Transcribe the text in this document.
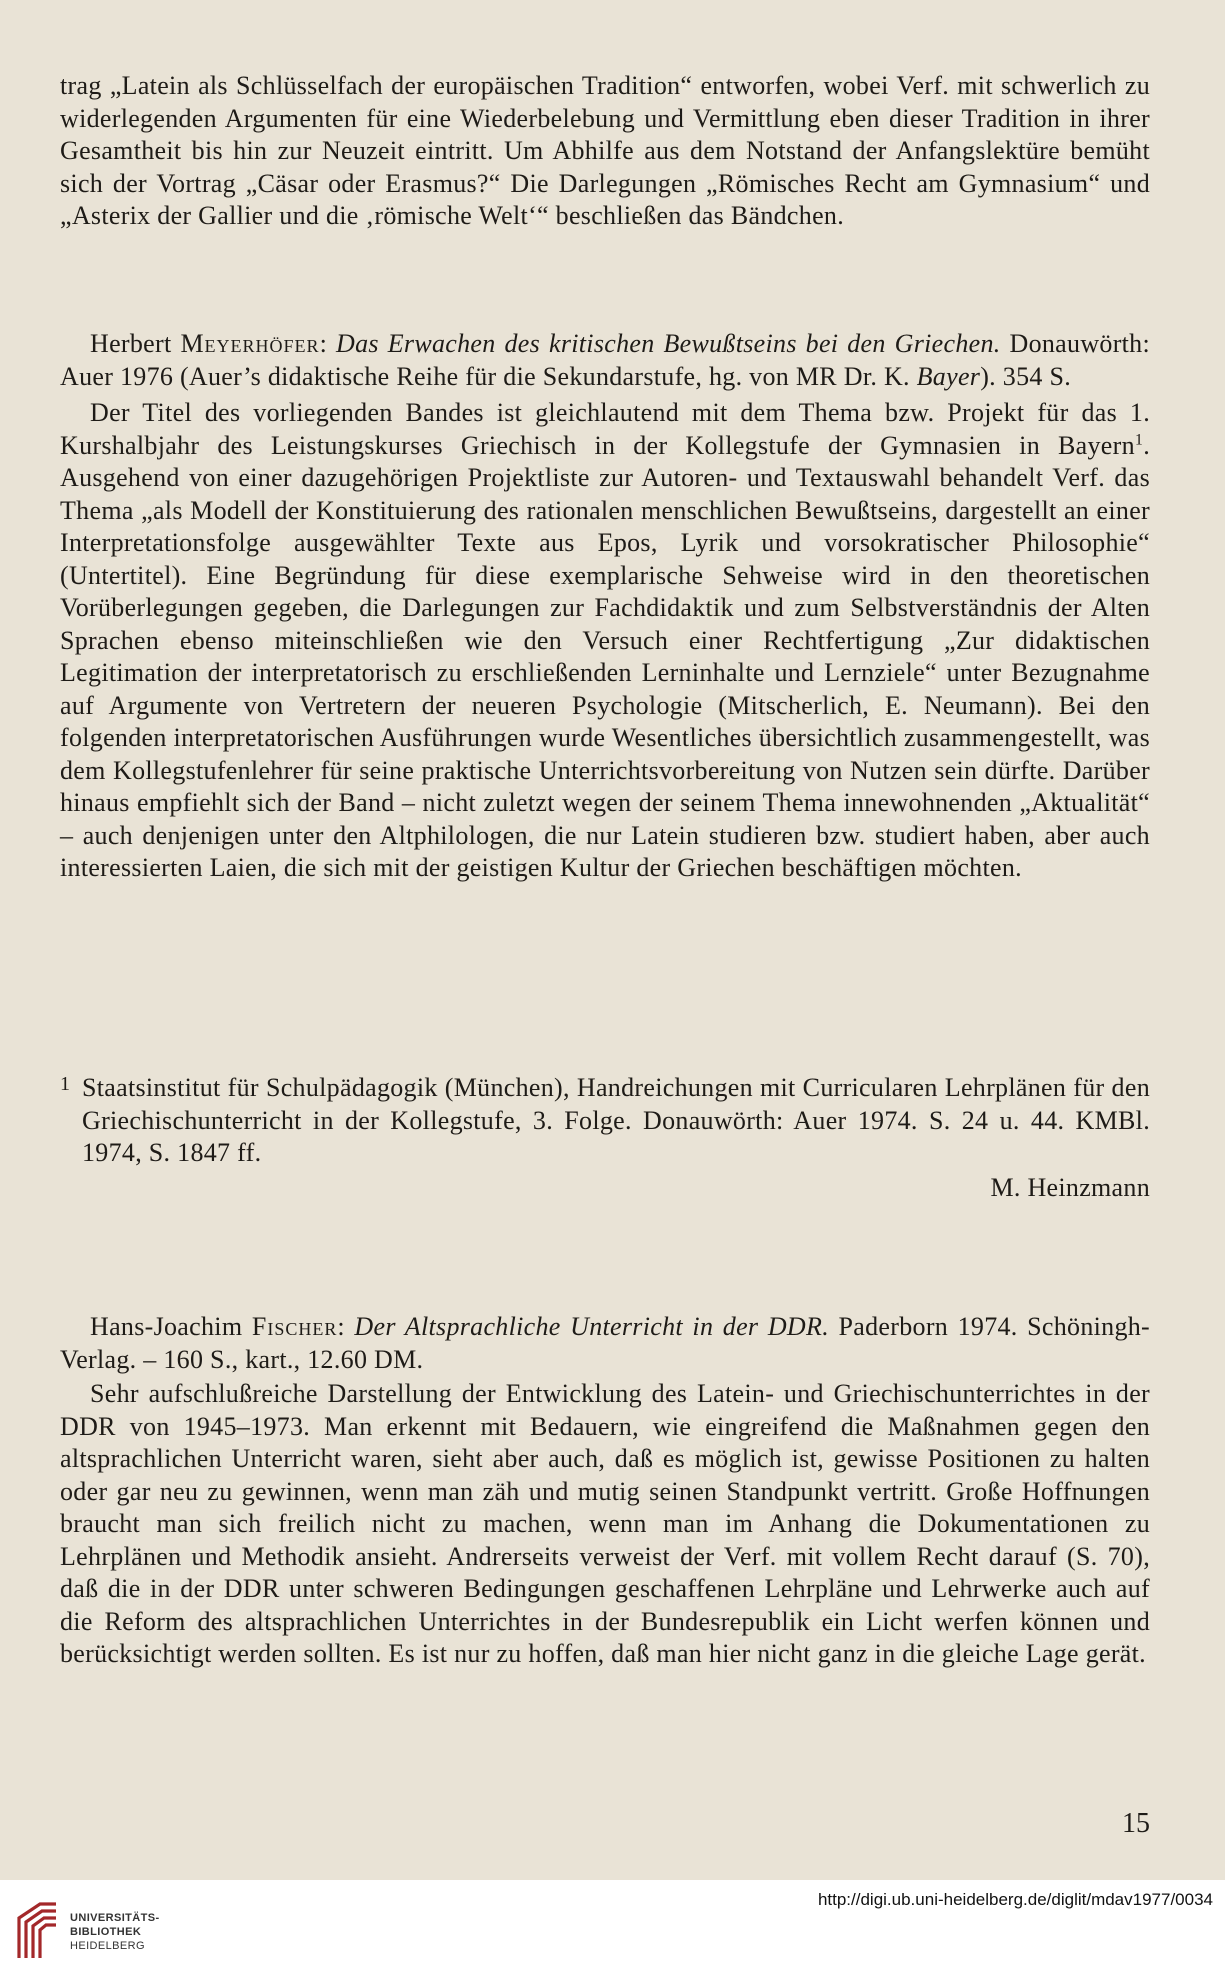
trag „Latein als Schlüsselfach der europäischen Tradition“ entworfen, wobei Verf. mit schwerlich zu widerlegenden Argumenten für eine Wiederbelebung und Vermittlung eben dieser Tradition in ihrer Gesamtheit bis hin zur Neuzeit eintritt. Um Abhilfe aus dem Notstand der Anfangslektüre bemüht sich der Vortrag „Cäsar oder Erasmus?“ Die Darlegungen „Römisches Recht am Gymnasium“ und „Asterix der Gallier und die ‚römische Welt‘“ beschließen das Bändchen.

Herbert Meyerhöfer: Das Erwachen des kritischen Bewußtseins bei den Griechen. Donauwörth: Auer 1976 (Auer’s didaktische Reihe für die Sekundarstufe, hg. von MR Dr. K. Bayer). 354 S.

Der Titel des vorliegenden Bandes ist gleichlautend mit dem Thema bzw. Projekt für das 1. Kurshalbjahr des Leistungskurses Griechisch in der Kollegstufe der Gymnasien in Bayern$^1$. Ausgehend von einer dazugehörigen Projektliste zur Autoren- und Textauswahl behandelt Verf. das Thema „als Modell der Konstituierung des rationalen menschlichen Bewußtseins, dargestellt an einer Interpretationsfolge ausgewählter Texte aus Epos, Lyrik und vorsokratischer Philosophie“ (Untertitel). Eine Begründung für diese exemplarische Sehweise wird in den theoretischen Vorüberlegungen gegeben, die Darlegungen zur Fachdidaktik und zum Selbstverständnis der Alten Sprachen ebenso miteinschließen wie den Versuch einer Rechtfertigung „Zur didaktischen Legitimation der interpretatorisch zu erschließenden Lerninhalte und Lernziele“ unter Bezugnahme auf Argumente von Vertretern der neueren Psychologie (Mitscherlich, E. Neumann). Bei den folgenden interpretatorischen Ausführungen wurde Wesentliches übersichtlich zusammengestellt, was dem Kollegstufenlehrer für seine praktische Unterrichtsvorbereitung von Nutzen sein dürfte. Darüber hinaus empfiehlt sich der Band – nicht zuletzt wegen der seinem Thema innewohnenden „Aktualität“ – auch denjenigen unter den Altphilologen, die nur Latein studieren bzw. studiert haben, aber auch interessierten Laien, die sich mit der geistigen Kultur der Griechen beschäftigen möchten.

1 Staatsinstitut für Schulpädagogik (München), Handreichungen mit Curricularen Lehrplänen für den Griechischunterricht in der Kollegstufe, 3. Folge. Donauwörth: Auer 1974. S. 24 u. 44. KMBl. 1974, S. 1847 ff.

M. Heinzmann

Hans-Joachim Fischer: Der Altsprachliche Unterricht in der DDR. Paderborn 1974. Schöningh-Verlag. – 160 S., kart., 12.60 DM.

Sehr aufschlußreiche Darstellung der Entwicklung des Latein- und Griechischunterrichtes in der DDR von 1945–1973. Man erkennt mit Bedauern, wie eingreifend die Maßnahmen gegen den altsprachlichen Unterricht waren, sieht aber auch, daß es möglich ist, gewisse Positionen zu halten oder gar neu zu gewinnen, wenn man zäh und mutig seinen Standpunkt vertritt. Große Hoffnungen braucht man sich freilich nicht zu machen, wenn man im Anhang die Dokumentationen zu Lehrplänen und Methodik ansieht. Andrerseits verweist der Verf. mit vollem Recht darauf (S. 70), daß die in der DDR unter schweren Bedingungen geschaffenen Lehrpläne und Lehrwerke auch auf die Reform des altsprachlichen Unterrichtes in der Bundesrepublik ein Licht werfen können und berücksichtigt werden sollten. Es ist nur zu hoffen, daß man hier nicht ganz in die gleiche Lage gerät.

15
UNIVERSITÄTS-
BIBLIOTHEK
HEIDELBERG
http://digi.ub.uni-heidelberg.de/diglit/mdav1977/0034
